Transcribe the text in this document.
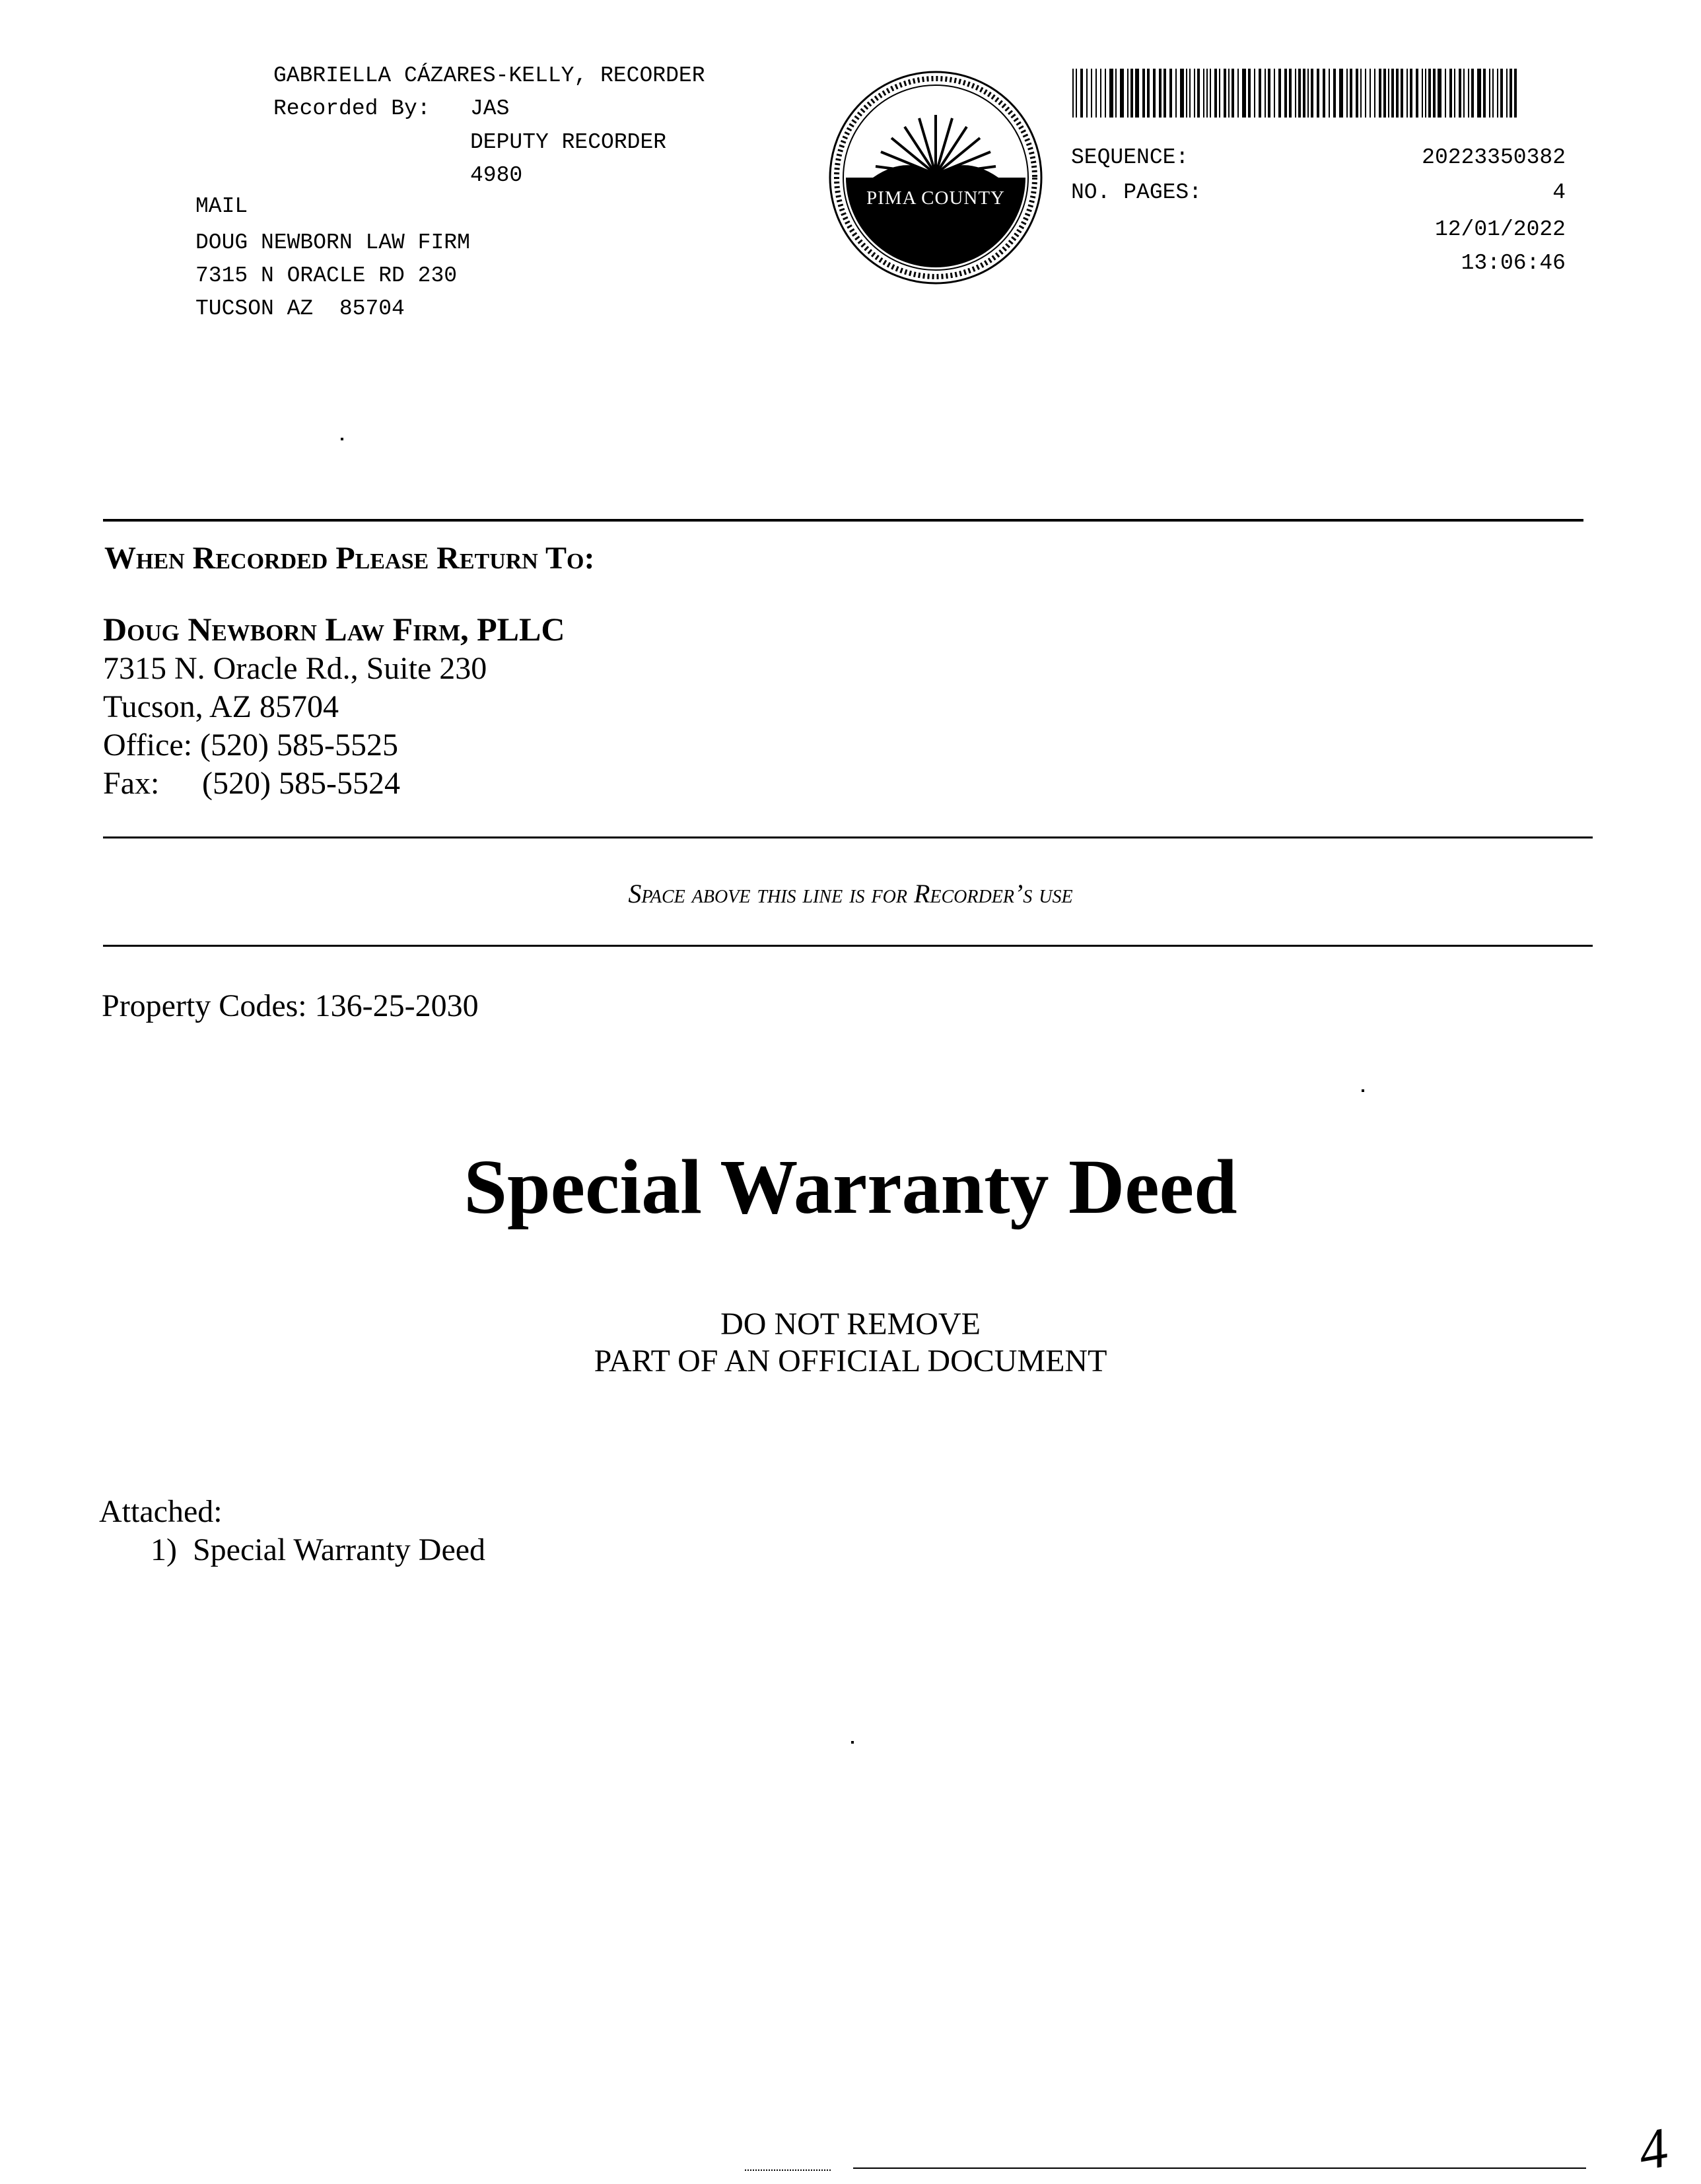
GABRIELLA CÁZARES-KELLY, RECORDER
Recorded By: JAS
DEPUTY RECORDER
4980
MAIL
DOUG NEWBORN LAW FIRM
7315 N ORACLE RD 230
TUCSON AZ  85704
PIMA COUNTY
SEQUENCE:	20223350382
NO. PAGES:	4
12/01/2022
13:06:46
When Recorded Please Return To:
Doug Newborn Law Firm, PLLC
7315 N. Oracle Rd., Suite 230
Tucson, AZ 85704
Office: (520) 585-5525
Fax: (520) 585-5524
Space above this line is for Recorder’s use
Property Codes: 136-25-2030
Special Warranty Deed
DO NOT REMOVE
PART OF AN OFFICIAL DOCUMENT
Attached:
1)  Special Warranty Deed
4
